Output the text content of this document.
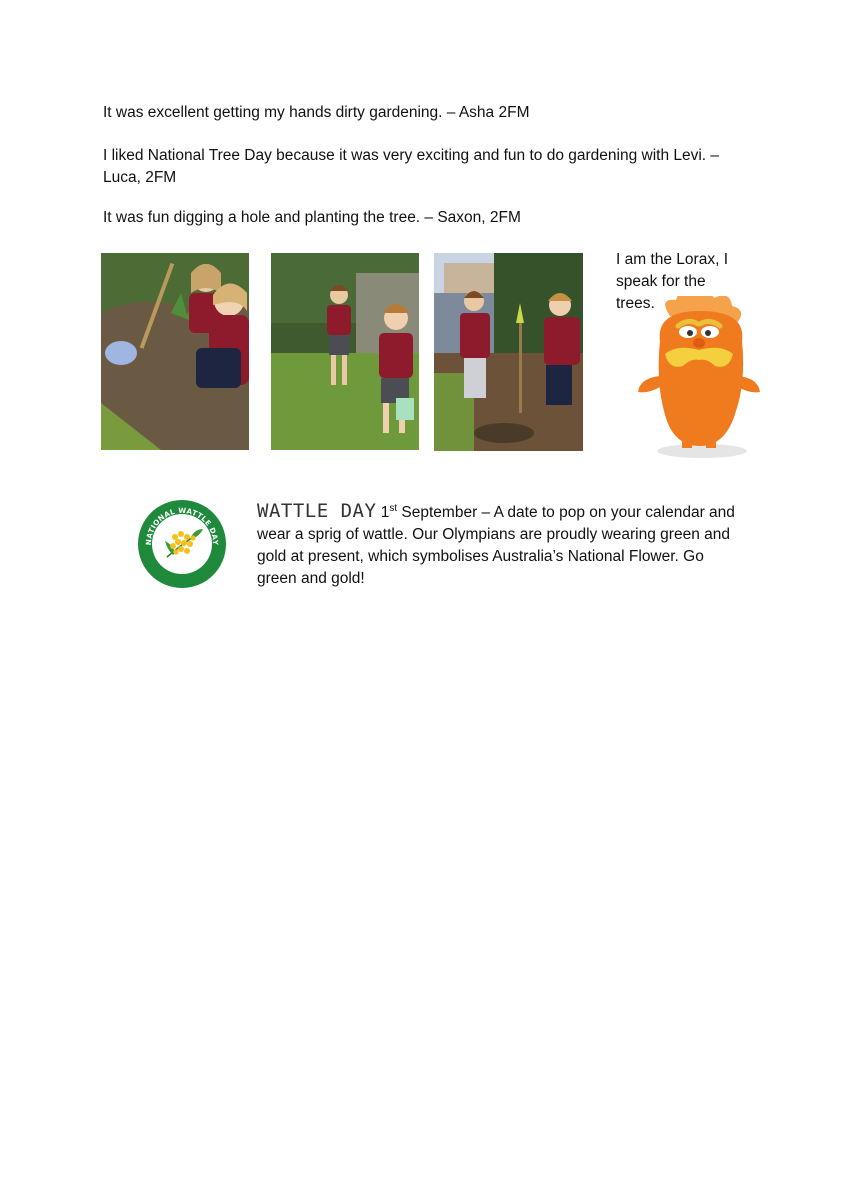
It was excellent getting my hands dirty gardening. – Asha 2FM

I liked National Tree Day because it was very exciting and fun to do gardening with Levi. – Luca, 2FM

It was fun digging a hole and planting the tree. – Saxon, 2FM

I am the Lorax, I speak for the trees.

NATIONAL WATTLE DAY
1 September

WATTLE DAY 1st September – A date to pop on your calendar and wear a sprig of wattle. Our Olympians are proudly wearing green and gold at present, which symbolises Australia’s National Flower. Go green and gold!
